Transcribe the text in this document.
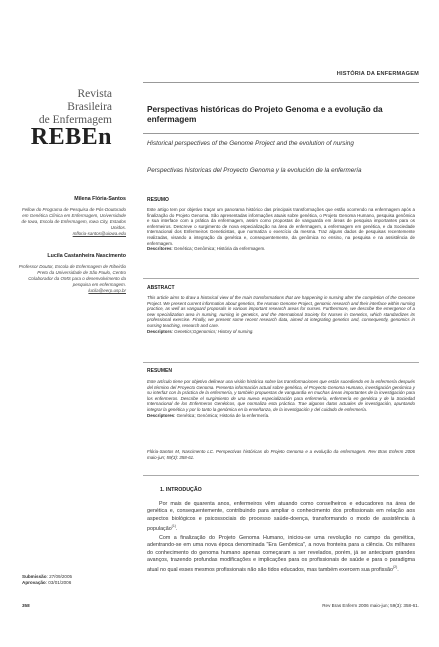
Revista
Brasileira
de Enfermagem
REBEn
HISTÓRIA DA ENFERMAGEM
Perspectivas históricas do Projeto Genoma e a evolução da enfermagem
Historical perspectives of the Genome Project and the evolution of nursing
Perspectivas historicas del Proyecto Genoma y la evolución de la enfermería
Milena Flória-Santos
Fellow do Programa de Pesquisa de Pós-Doutorado em Genética Clínica em Enfermagem, Universidade de Iowa, Escola de Enfermagem, Iowa City, Estados Unidos.
mfloria-santos@uiowa.edu
Lucila Castanheira Nascimento
Professor Doutor, Escola de Enfermagem de Ribeirão Preto da Universidade de São Paulo, Centro Colaborador da OMS para o desenvolvimento da pesquisa em enfermagem.
lucila@eerp.usp.br
RESUMO
Este artigo tem por objetivo traçar um panorama histórico das principais transformações que estão ocorrendo na enfermagem após a finalização do Projeto Genoma. São apresentadas informações atuais sobre genética, o Projeto Genoma Humano, pesquisa genômica e sua interface com a prática da enfermagem, assim como propostas de vanguarda em áreas de pesquisa importantes para os enfermeiros. Descreve o surgimento de nova especialização na área de enfermagem, a enfermagem em genética, e da Sociedade Internacional dos Enfermeiros Geneticistas, que normatiza o exercício da mesma. Traz alguns dados de pesquisas recentemente realizadas, visando a integração da genética e, consequentemente, da genômica no ensino, na pesquisa e na assistência de enfermagem.
Descritores: Genética; Genômica; História da enfermagem.
ABSTRACT
This article aims to draw a historical view of the main transformations that are happening in nursing after the completion of the Genome Project. We present current information about genetics, the Human Genome Project, genomic research and their interface within nursing practice, as well as vanguard proposals in various important research areas for nurses. Furthermore, we describe the emergence of a new specialization area in nursing, nursing in genetics, and the International Society for Nurses in Genetics, which standardizes its professional exercise. Finally, we present some recent research data, aimed at integrating genetics and, consequently, genomics in nursing teaching, research and care.
Descriptors: Genetics;Ggenomics; History of nursing.
RESUMEN
Este artículo tiene por objetivo delinear una visión histórica sobre las transformaciones que están sucediendo en la enfermería después del término del Proyecto Genoma. Presenta información actual sobre genética, el Proyecto Genoma Humano, investigación genómica y su interfaz con la práctica de la enfermería, y también propuestas de vanguardia en muchas áreas importantes de la investigación para los enfermeros. Describe el surgimiento de una nueva especialización para enfermería, enfermería en genética y de la Sociedad Internacional de los Enfermeros Genéticos, que normaliza esta práctica. Trae algunos datos actuales de investigación, apuntando integrar la genética y por lo tanto la genómica en la enseñanza, de la investigación y del cuidado de enfermería.
Descriptores: Genética; Genómica; Historia de la enfermería.
Flória-Santos M, Nascimento LC. Perspectivas históricas do Projeto Genoma e a evolução da enfermagem. Rev Bras Enferm 2006 maio-jun; 59(3): 358-61.
1. INTRODUÇÃO
Por mais de quarenta anos, enfermeiros vêm atuando como conselheiros e educadores na área de genética e, consequentemente, contribuindo para ampliar o conhecimento dos profissionais em relação aos aspectos biológicos e psicossociais do processo saúde-doença, transformando o modo de assistência à população$^{(1)}$.
Com a finalização do Projeto Genoma Humano, iniciou-se uma revolução no campo da genética, adentrando-se em uma nova época denominada "Era Genômica", a nova fronteira para a ciência. Os milhares do conhecimento do genoma humano apenas começaram a ser revelados, porém, já se antecipam grandes avanços, trazendo profundas modificações e implicações para os profissionais de saúde e para o paradigma atual no qual esses mesmos profissionais não são tidos educados, mas também exercem sua profissão$^{(2)}$.
Submissão: 27/09/2005
Aprovação: 03/01/2006
358	Rev Bras Enferm 2006 maio-jun; 59(3): 358-61.
